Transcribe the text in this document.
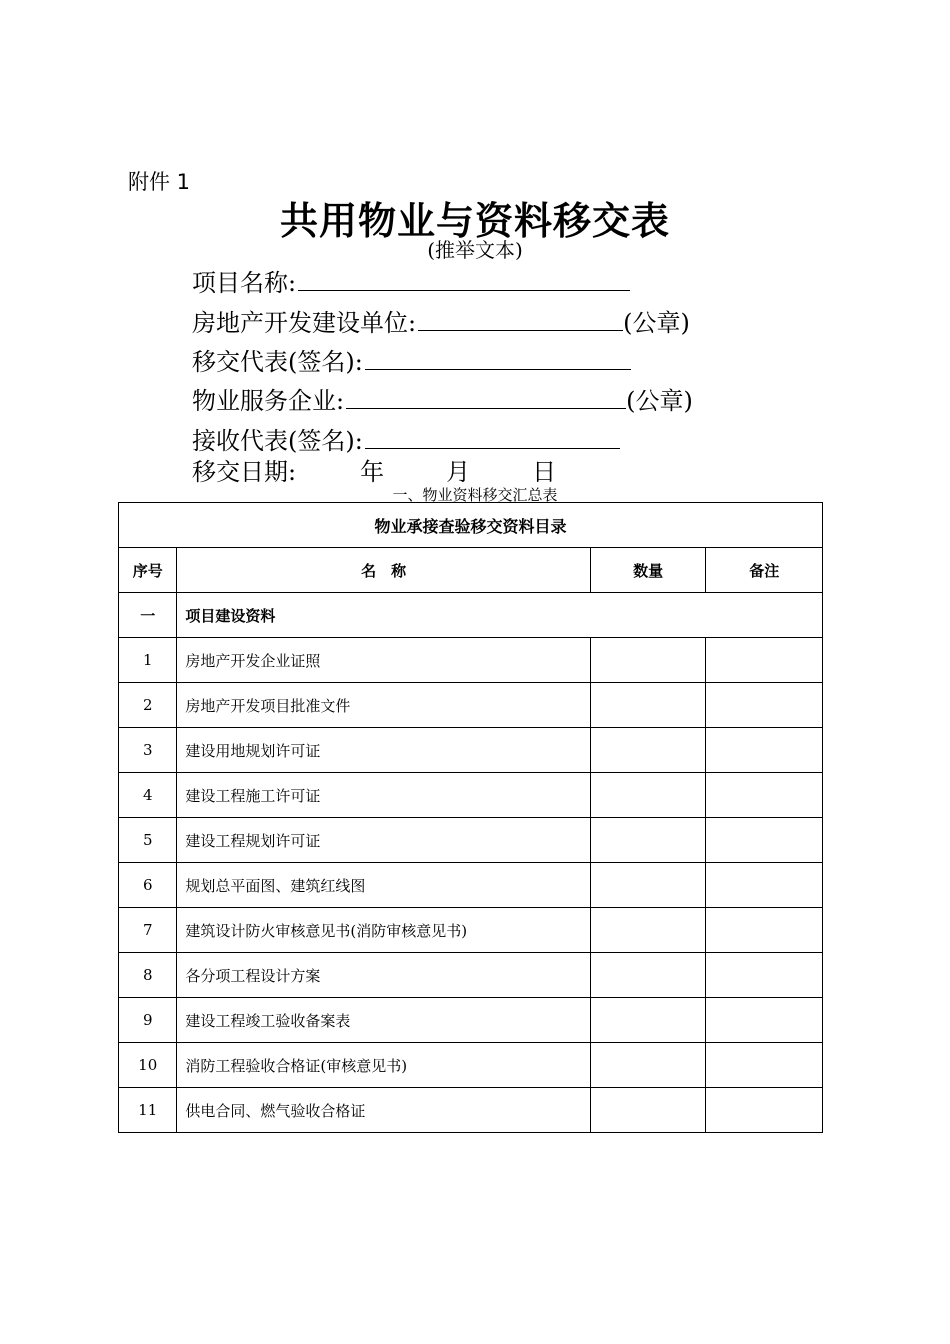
附件 1
共用物业与资料移交表
(推举文本)
项目名称:
房地产开发建设单位:	(公章)
移交代表(签名):
物业服务企业:	(公章)
接收代表(签名):
移交日期:	年	月	日
一、物业资料移交汇总表
物业承接查验移交资料目录			
序号	名　称	数量	备注
一	项目建设资料		
1	房地产开发企业证照		
2	房地产开发项目批准文件		
3	建设用地规划许可证		
4	建设工程施工许可证		
5	建设工程规划许可证		
6	规划总平面图、建筑红线图		
7	建筑设计防火审核意见书(消防审核意见书)		
8	各分项工程设计方案		
9	建设工程竣工验收备案表		
10	消防工程验收合格证(审核意见书)		
11	供电合同、燃气验收合格证		
